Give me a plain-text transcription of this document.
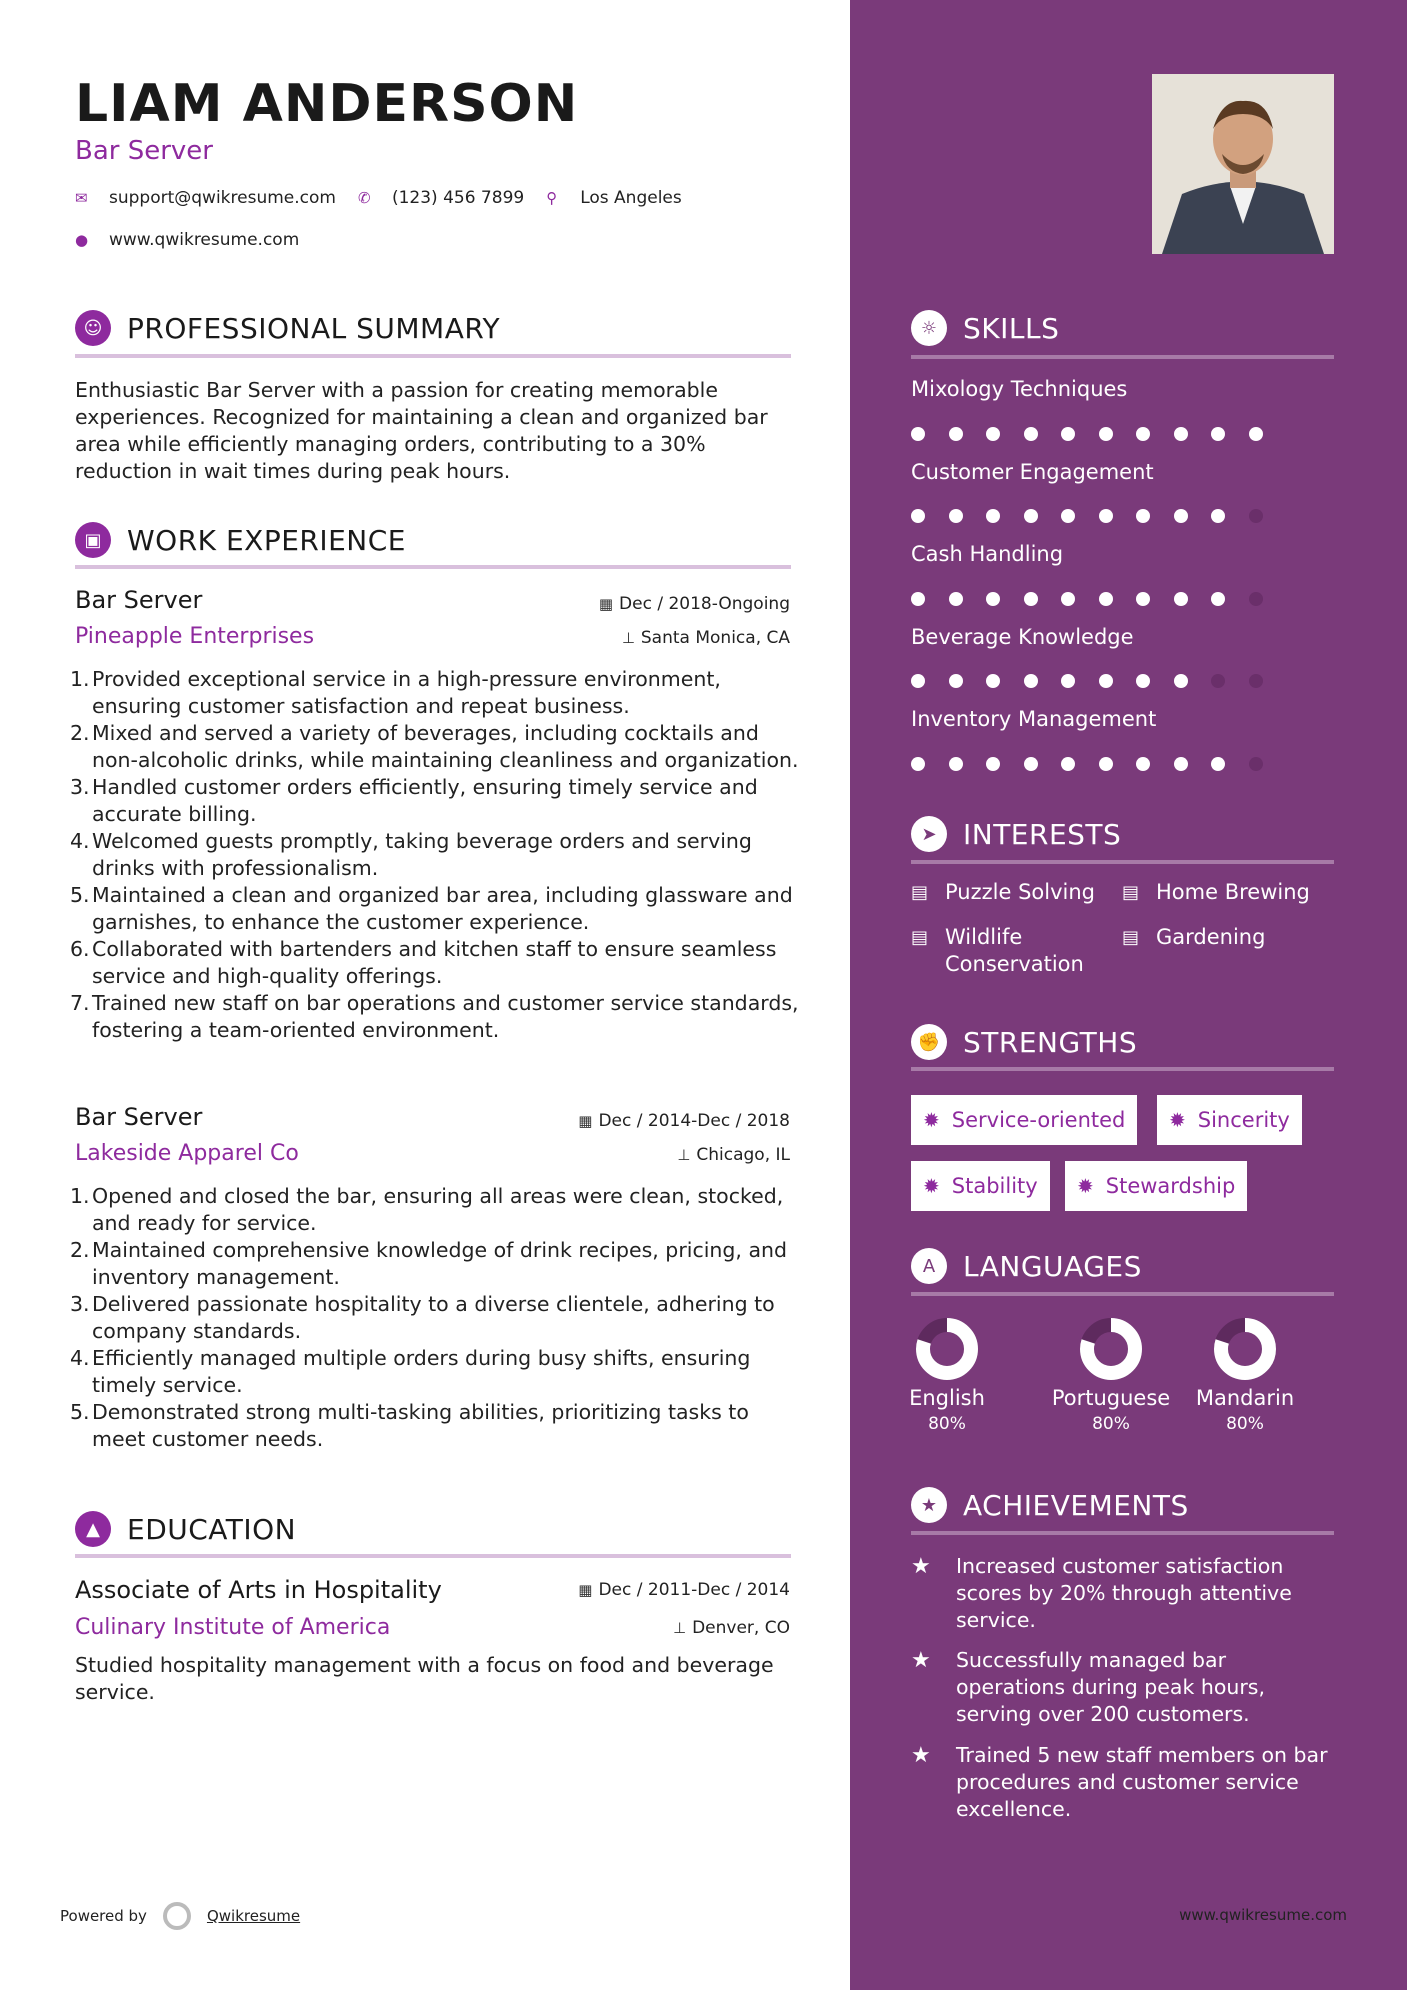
LIAM ANDERSON
Bar Server
✉	support@qwikresume.com ✆	(123) 456 7899 ⚲	Los Angeles
●	www.qwikresume.com
☺ PROFESSIONAL SUMMARY
Enthusiastic Bar Server with a passion for creating memorable experiences. Recognized for maintaining a clean and organized bar area while efficiently managing orders, contributing to a 30% reduction in wait times during peak hours.
▣ WORK EXPERIENCE
Bar Server	▦ Dec / 2018-Ongoing
Pineapple Enterprises	⊥ Santa Monica, CA
1. Provided exceptional service in a high-pressure environment, ensuring customer satisfaction and repeat business.
2. Mixed and served a variety of beverages, including cocktails and non-alcoholic drinks, while maintaining cleanliness and organization.
3. Handled customer orders efficiently, ensuring timely service and accurate billing.
4. Welcomed guests promptly, taking beverage orders and serving drinks with professionalism.
5. Maintained a clean and organized bar area, including glassware and garnishes, to enhance the customer experience.
6. Collaborated with bartenders and kitchen staff to ensure seamless service and high-quality offerings.
7. Trained new staff on bar operations and customer service standards, fostering a team-oriented environment.
Bar Server	▦ Dec / 2014-Dec / 2018
Lakeside Apparel Co	⊥ Chicago, IL
1. Opened and closed the bar, ensuring all areas were clean, stocked, and ready for service.
2. Maintained comprehensive knowledge of drink recipes, pricing, and inventory management.
3. Delivered passionate hospitality to a diverse clientele, adhering to company standards.
4. Efficiently managed multiple orders during busy shifts, ensuring timely service.
5. Demonstrated strong multi-tasking abilities, prioritizing tasks to meet customer needs.
▲ EDUCATION
Associate of Arts in Hospitality	▦ Dec / 2011-Dec / 2014
Culinary Institute of America	⊥ Denver, CO
Studied hospitality management with a focus on food and beverage service.
Powered by	Qwikresume
☼ SKILLS
Mixology Techniques
Customer Engagement
Cash Handling
Beverage Knowledge
Inventory Management
➤ INTERESTS
▤ Puzzle Solving ▤ Home Brewing
▤ Wildlife Conservation
▤ Gardening
✊ STRENGTHS
✹ Service-oriented ✹ Sincerity
✹ Stability ✹ Stewardship
A LANGUAGES
English
80%
Portuguese
80%
Mandarin
80%
★ ACHIEVEMENTS
★	Increased customer satisfaction scores by 20% through attentive service.
★	Successfully managed bar operations during peak hours, serving over 200 customers.
★	Trained 5 new staff members on bar procedures and customer service excellence.
www.qwikresume.com
